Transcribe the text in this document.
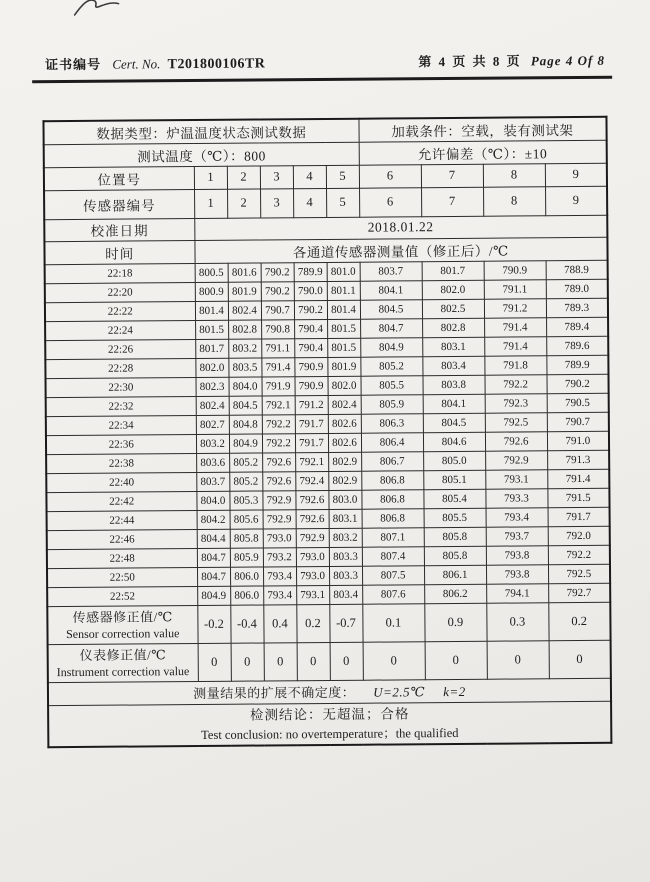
证书编号 Cert. No. T201800106TR	第 4 页 共 8 页 Page 4 Of 8
数据类型：炉温温度状态测试数据						加载条件：空载，装有测试架			
测试温度（℃）：800						允许偏差（℃）：±10			
位置号	1	2	3	4	5	6	7	8	9
传感器编号	1	2	3	4	5	6	7	8	9
校准日期	2018.01.22								
时间	各通道传感器测量值（修正后）/℃								
22:18	800.5	801.6	790.2	789.9	801.0	803.7	801.7	790.9	788.9
22:20	800.9	801.9	790.2	790.0	801.1	804.1	802.0	791.1	789.0
22:22	801.4	802.4	790.7	790.2	801.4	804.5	802.5	791.2	789.3
22:24	801.5	802.8	790.8	790.4	801.5	804.7	802.8	791.4	789.4
22:26	801.7	803.2	791.1	790.4	801.5	804.9	803.1	791.4	789.6
22:28	802.0	803.5	791.4	790.9	801.9	805.2	803.4	791.8	789.9
22:30	802.3	804.0	791.9	790.9	802.0	805.5	803.8	792.2	790.2
22:32	802.4	804.5	792.1	791.2	802.4	805.9	804.1	792.3	790.5
22:34	802.7	804.8	792.2	791.7	802.6	806.3	804.5	792.5	790.7
22:36	803.2	804.9	792.2	791.7	802.6	806.4	804.6	792.6	791.0
22:38	803.6	805.2	792.6	792.1	802.9	806.7	805.0	792.9	791.3
22:40	803.7	805.2	792.6	792.4	802.9	806.8	805.1	793.1	791.4
22:42	804.0	805.3	792.9	792.6	803.0	806.8	805.4	793.3	791.5
22:44	804.2	805.6	792.9	792.6	803.1	806.8	805.5	793.4	791.7
22:46	804.4	805.8	793.0	792.9	803.2	807.1	805.8	793.7	792.0
22:48	804.7	805.9	793.2	793.0	803.3	807.4	805.8	793.8	792.2
22:50	804.7	806.0	793.4	793.0	803.3	807.5	806.1	793.8	792.5
22:52	804.9	806.0	793.4	793.1	803.4	807.6	806.2	794.1	792.7

传感器修正值/℃
Sensor correction value	-0.2	-0.4	0.4	0.2	-0.7	0.1	0.9	0.3	0.2

仪表修正值/℃
Instrument correction value	0	0	0	0	0	0	0	0	0
测量结果的扩展不确定度： U=2.5℃ k=2									

检测结论：无超温；合格
Test conclusion: no overtemperature；the qualified									
